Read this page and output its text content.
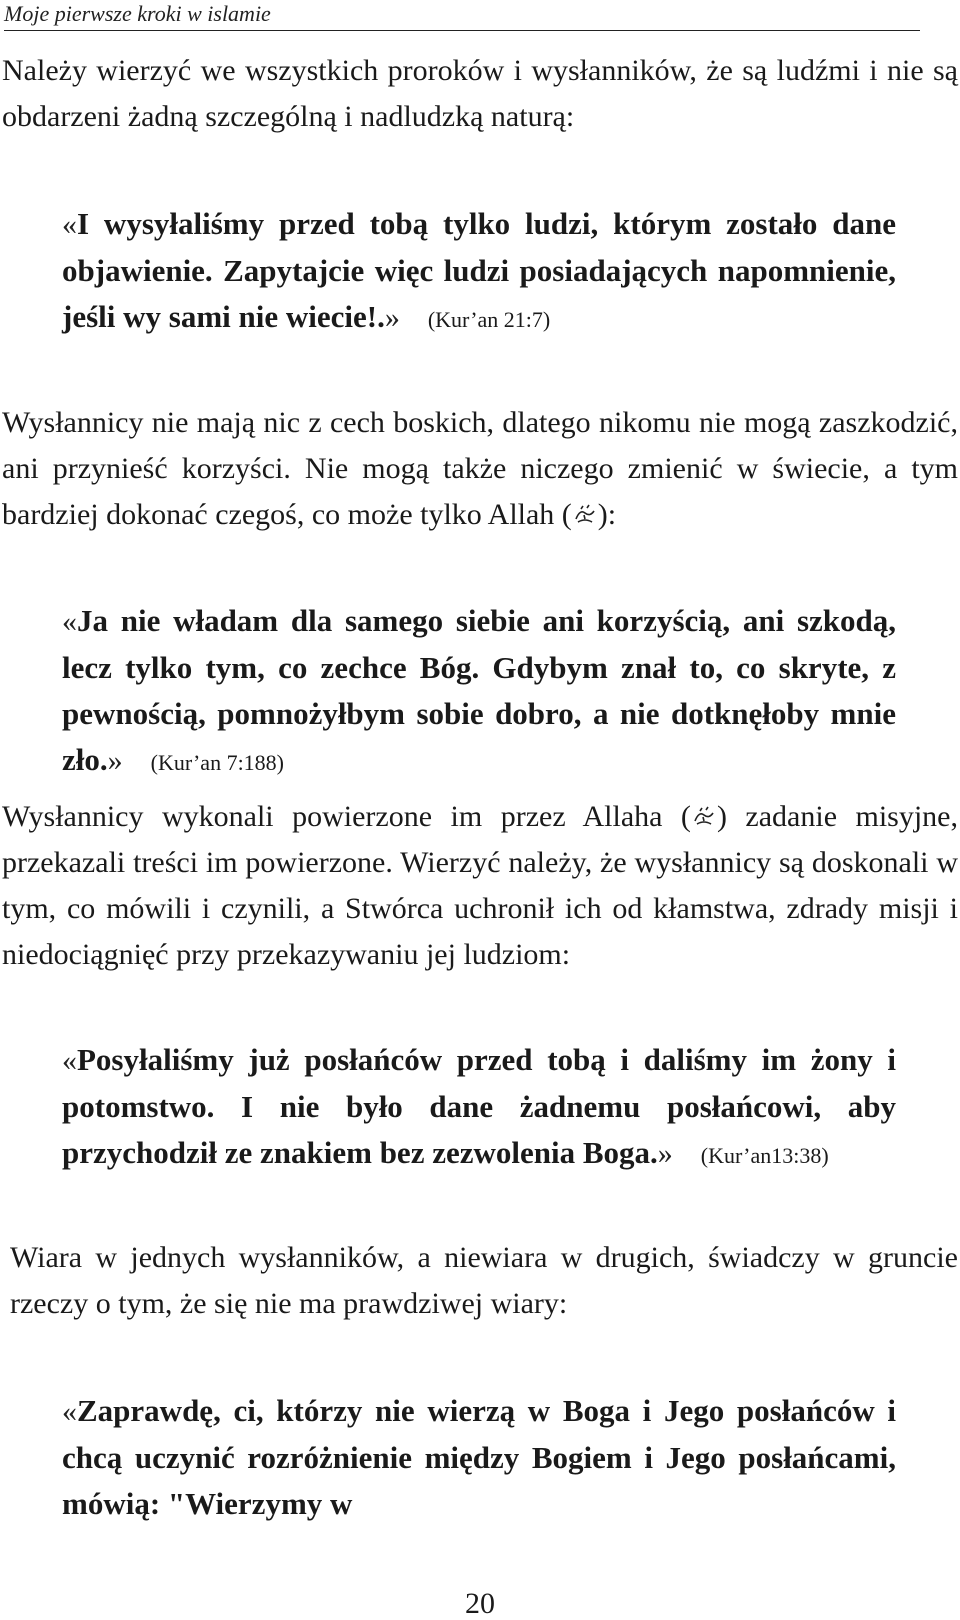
Moje pierwsze kroki w islamie

Należy wierzyć we wszystkich proroków i wysłanników, że są ludźmi i nie są obdarzeni żadną szczególną i nadludzką naturą:

«I wysyłaliśmy przed tobą tylko ludzi, którym zostało dane objawienie. Zapytajcie więc ludzi posiadających napomnienie, jeśli wy sami nie wiecie!.» (Kur’an 21:7)

Wysłannicy nie mają nic z cech boskich, dlatego nikomu nie mogą zaszkodzić, ani przynieść korzyści. Nie mogą także niczego zmienić w świecie, a tym bardziej dokonać czegoś, co może tylko Allah ( ):

«Ja nie władam dla samego siebie ani korzyścią, ani szkodą, lecz tylko tym, co zechce Bóg. Gdybym znał to, co skryte, z pewnością, pomnożyłbym sobie dobro, a nie dotknęłoby mnie zło.» (Kur’an 7:188)

Wysłannicy wykonali powierzone im przez Allaha ( ) zadanie misyjne, przekazali treści im powierzone. Wierzyć należy, że wysłannicy są doskonali w tym, co mówili i czynili, a Stwórca uchronił ich od kłamstwa, zdrady misji i niedociągnięć przy przekazywaniu jej ludziom:

«Posyłaliśmy już posłańców przed tobą i daliśmy im żony i potomstwo. I nie było dane żadnemu posłańcowi, aby przychodził ze znakiem bez zezwolenia Boga.» (Kur’an13:38)

Wiara w jednych wysłanników, a niewiara w drugich, świadczy w gruncie rzeczy o tym, że się nie ma prawdziwej wiary:

«Zaprawdę, ci, którzy nie wierzą w Boga i Jego posłańców i chcą uczynić rozróżnienie między Bogiem i Jego posłańcami, mówią: "Wierzymy w

20
